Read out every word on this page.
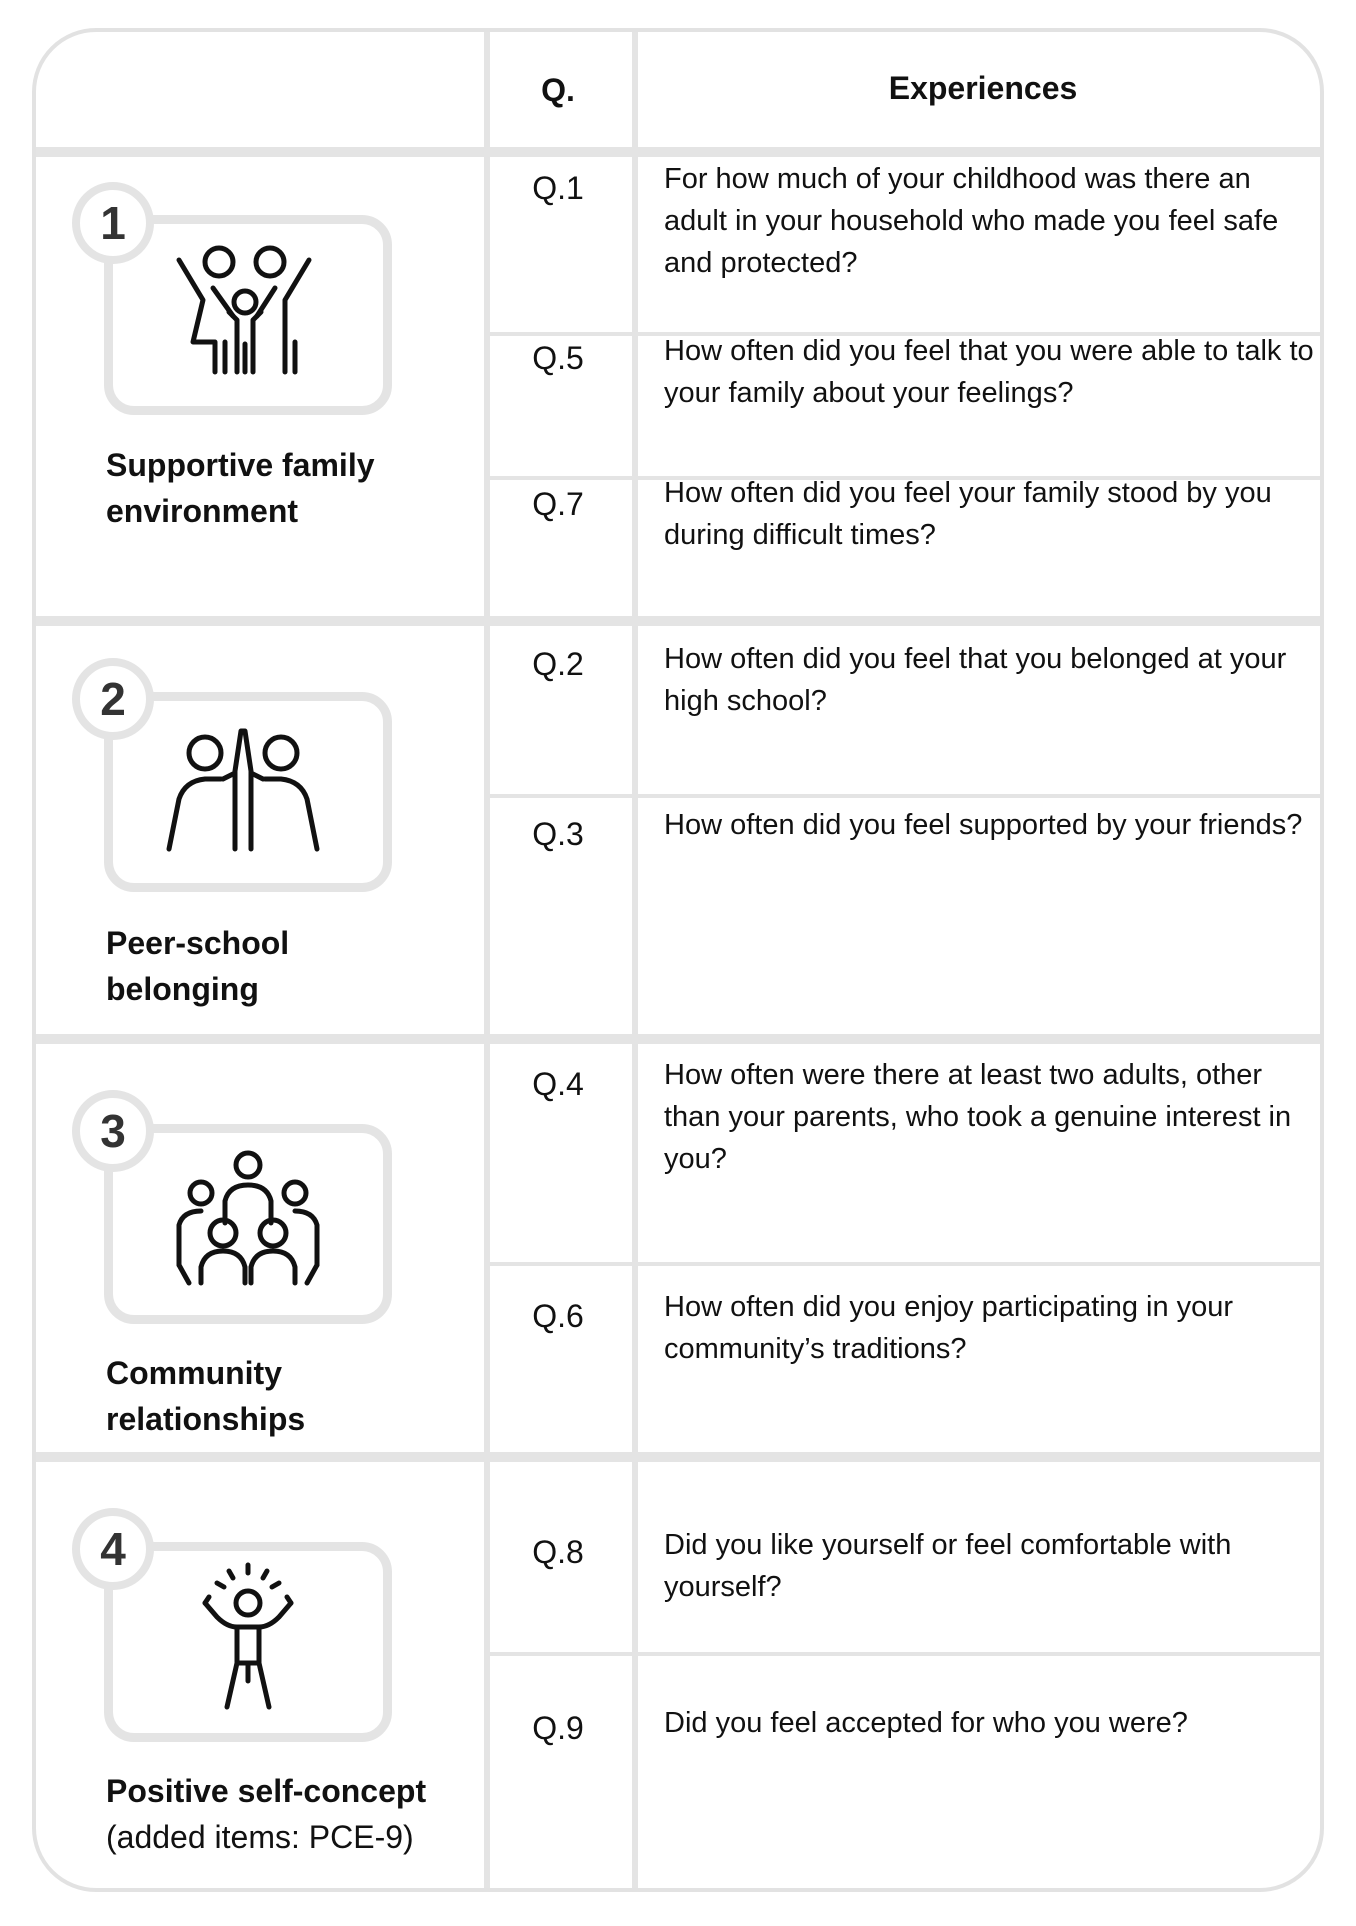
Q.	Experiences
1
Supportive family
environment
Q.1	For how much of your childhood was there an adult in your household who made you feel safe and protected?
Q.5	How often did you feel that you were able to talk to your family about your feelings?
Q.7	How often did you feel your family stood by you during difficult times?
2
Peer-school
belonging
Q.2	How often did you feel that you belonged at your high school?
Q.3	How often did you feel supported by your friends?
3
Community
relationships
Q.4	How often were there at least two adults, other than your parents, who took a genuine interest in you?
Q.6	How often did you enjoy participating in your community’s traditions?
4
Positive self-concept
(added items: PCE-9)
Q.8	Did you like yourself or feel comfortable with yourself?
Q.9	Did you feel accepted for who you were?
